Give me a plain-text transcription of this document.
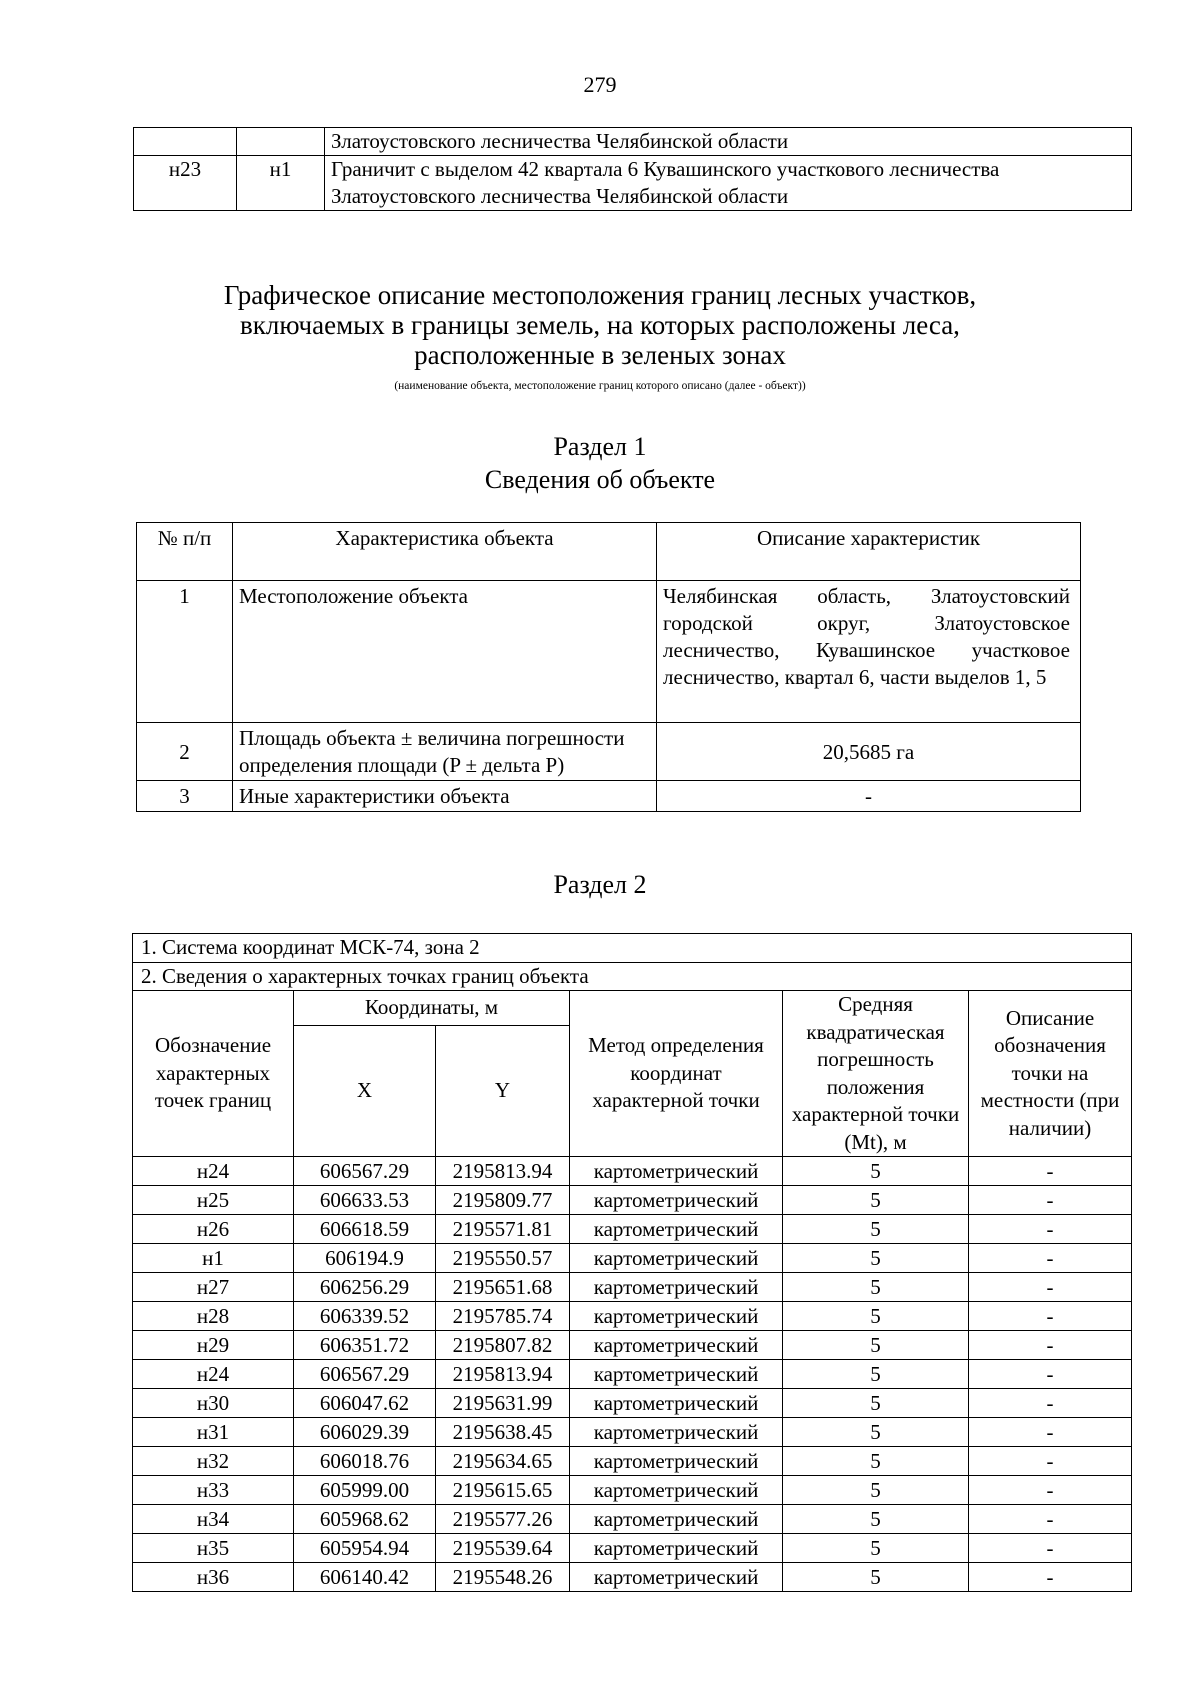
279
		Златоустовского лесничества Челябинской области
н23	н1	Граничит с выделом 42 квартала 6 Кувашинского участкового лесничества Златоустовского лесничества Челябинской области
Графическое описание местоположения границ лесных участков,
включаемых в границы земель, на которых расположены леса,
расположенные в зеленых зонах
(наименование объекта, местоположение границ которого описано (далее - объект))
Раздел 1
Сведения об объекте
№ п/п	Характеристика объекта	Описание характеристик
1	Местоположение объекта	Челябинская область, Златоустовский городской округ, Златоустовское лесничество, Кувашинское участковое лесничество, квартал 6, части выделов 1, 5
2	Площадь объекта ± величина погрешности определения площади (P ± дельта P)	20,5685 га
3	Иные характеристики объекта	-
Раздел 2
1. Система координат МСК-74, зона 2					
2. Сведения о характерных точках границ объекта					
Обозначение характерных точек границ	Координаты, м		Метод определения координат характерной точки	Средняя квадратическая погрешность положения характерной точки (Mt), м	Описание обозначения точки на местности (при наличии)
	X	Y			
н24	606567.29	2195813.94	картометрический	5	-
н25	606633.53	2195809.77	картометрический	5	-
н26	606618.59	2195571.81	картометрический	5	-
н1	606194.9	2195550.57	картометрический	5	-
н27	606256.29	2195651.68	картометрический	5	-
н28	606339.52	2195785.74	картометрический	5	-
н29	606351.72	2195807.82	картометрический	5	-
н24	606567.29	2195813.94	картометрический	5	-
н30	606047.62	2195631.99	картометрический	5	-
н31	606029.39	2195638.45	картометрический	5	-
н32	606018.76	2195634.65	картометрический	5	-
н33	605999.00	2195615.65	картометрический	5	-
н34	605968.62	2195577.26	картометрический	5	-
н35	605954.94	2195539.64	картометрический	5	-
н36	606140.42	2195548.26	картометрический	5	-
